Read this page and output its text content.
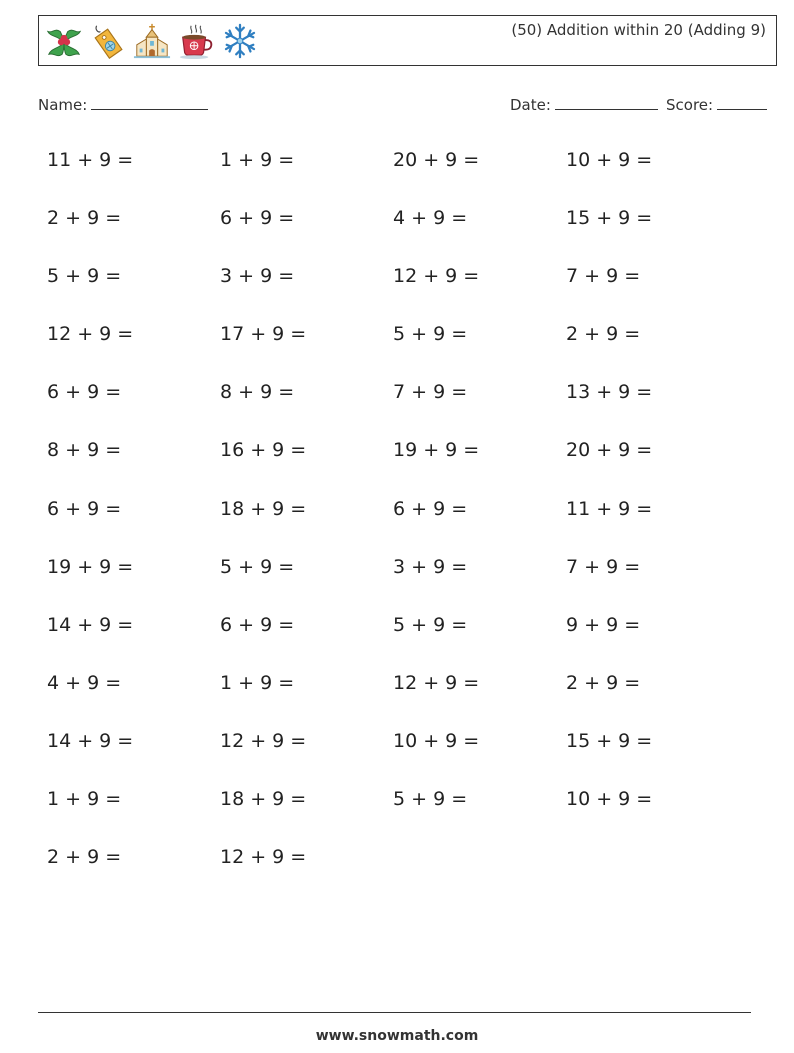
(50) Addition within 20 (Adding 9)
Name:	Date:	Score:
11 + 9 =	1 + 9 =	20 + 9 =	10 + 9 =
2 + 9 =	6 + 9 =	4 + 9 =	15 + 9 =
5 + 9 =	3 + 9 =	12 + 9 =	7 + 9 =
12 + 9 =	17 + 9 =	5 + 9 =	2 + 9 =
6 + 9 =	8 + 9 =	7 + 9 =	13 + 9 =
8 + 9 =	16 + 9 =	19 + 9 =	20 + 9 =
6 + 9 =	18 + 9 =	6 + 9 =	11 + 9 =
19 + 9 =	5 + 9 =	3 + 9 =	7 + 9 =
14 + 9 =	6 + 9 =	5 + 9 =	9 + 9 =
4 + 9 =	1 + 9 =	12 + 9 =	2 + 9 =
14 + 9 =	12 + 9 =	10 + 9 =	15 + 9 =
1 + 9 =	18 + 9 =	5 + 9 =	10 + 9 =
2 + 9 =	12 + 9 =
www.snowmath.com
